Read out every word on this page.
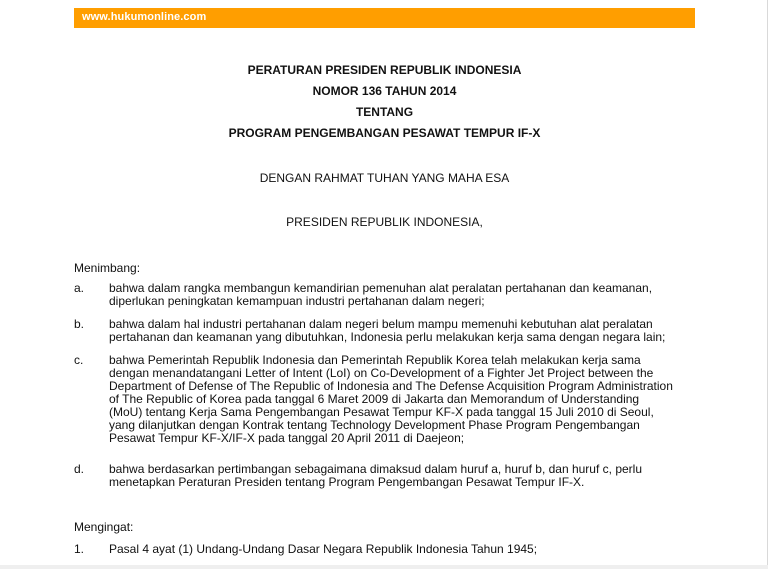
www.hukumonline.com
PERATURAN PRESIDEN REPUBLIK INDONESIA
NOMOR 136 TAHUN 2014
TENTANG
PROGRAM PENGEMBANGAN PESAWAT TEMPUR IF-X
DENGAN RAHMAT TUHAN YANG MAHA ESA
PRESIDEN REPUBLIK INDONESIA,
Menimbang:
a. bahwa dalam rangka membangun kemandirian pemenuhan alat peralatan pertahanan dan keamanan,
diperlukan peningkatan kemampuan industri pertahanan dalam negeri;
b. bahwa dalam hal industri pertahanan dalam negeri belum mampu memenuhi kebutuhan alat peralatan
pertahanan dan keamanan yang dibutuhkan, Indonesia perlu melakukan kerja sama dengan negara lain;
c. bahwa Pemerintah Republik Indonesia dan Pemerintah Republik Korea telah melakukan kerja sama
dengan menandatangani Letter of Intent (LoI) on Co-Development of a Fighter Jet Project between the
Department of Defense of The Republic of Indonesia and The Defense Acquisition Program Administration
of The Republic of Korea pada tanggal 6 Maret 2009 di Jakarta dan Memorandum of Understanding
(MoU) tentang Kerja Sama Pengembangan Pesawat Tempur KF-X pada tanggal 15 Juli 2010 di Seoul,
yang dilanjutkan dengan Kontrak tentang Technology Development Phase Program Pengembangan
Pesawat Tempur KF-X/IF-X pada tanggal 20 April 2011 di Daejeon;
d. bahwa berdasarkan pertimbangan sebagaimana dimaksud dalam huruf a, huruf b, dan huruf c, perlu
menetapkan Peraturan Presiden tentang Program Pengembangan Pesawat Tempur IF-X.
Mengingat:
1. Pasal 4 ayat (1) Undang-Undang Dasar Negara Republik Indonesia Tahun 1945;
